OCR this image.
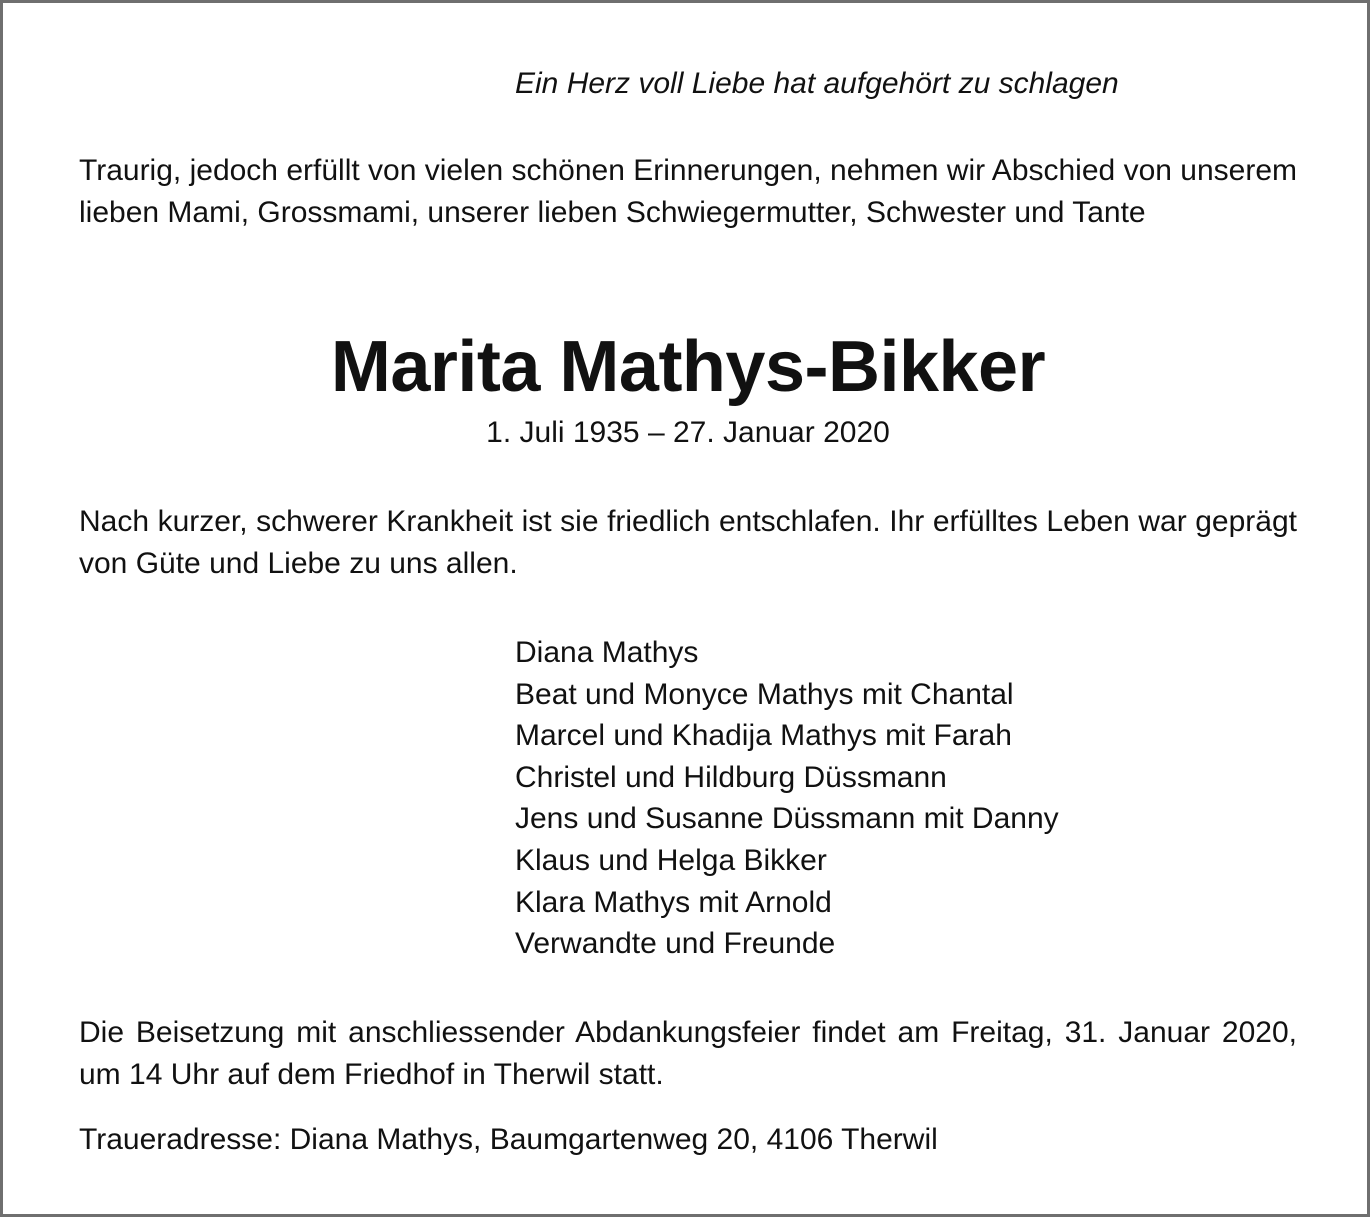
Ein Herz voll Liebe hat aufgehört zu schlagen

Traurig, jedoch erfüllt von vielen schönen Erinnerungen, nehmen wir Abschied von unserem lieben Mami, Grossmami, unserer lieben Schwiegermutter, Schwester und Tante

Marita Mathys-Bikker
1. Juli 1935 – 27. Januar 2020

Nach kurzer, schwerer Krankheit ist sie friedlich entschlafen. Ihr erfülltes Leben war geprägt von Güte und Liebe zu uns allen.

Diana Mathys
Beat und Monyce Mathys mit Chantal
Marcel und Khadija Mathys mit Farah
Christel und Hildburg Düssmann
Jens und Susanne Düssmann mit Danny
Klaus und Helga Bikker
Klara Mathys mit Arnold
Verwandte und Freunde

Die Beisetzung mit anschliessender Abdankungsfeier findet am Freitag, 31. Januar 2020, um 14 Uhr auf dem Friedhof in Therwil statt.

Traueradresse: Diana Mathys, Baumgartenweg 20, 4106 Therwil
